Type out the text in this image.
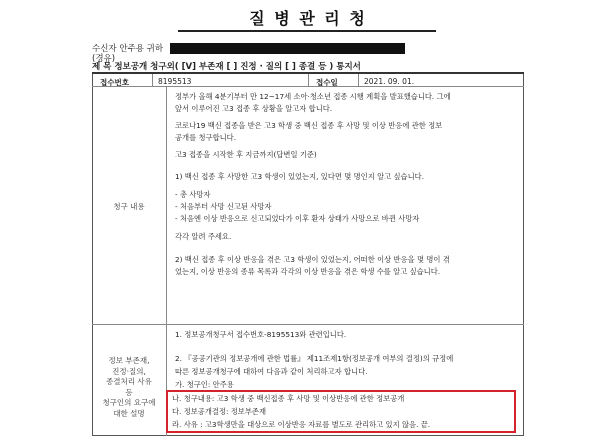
질 병 관 리 청
수신자 안주용 귀하
(경유)
제 목 정보공개 청구외( [V] 부존재 [ ] 진정 · 질의 [ ] 종결 등 ) 통지서
접수번호	8195513	접수일	2021. 09. 01.
청구 내용
정부가 올해 4분기부터 만 12~17세 소아·청소년 접종 시행 계획을 발표했습니다. 그에
앞서 이루어진 고3 접종 후 상황을 알고자 합니다.
코로나19 백신 접종을 받은 고3 학생 중 백신 접종 후 사망 및 이상 반응에 관한 정보
공개를 청구합니다.
고3 접종을 시작한 후 지금까지(답변일 기준)
1) 백신 접종 후 사망한 고3 학생이 있었는지, 있다면 몇 명인지 알고 싶습니다.
- 총 사망자
- 처음부터 사망 신고된 사망자
- 처음엔 이상 반응으로 신고되었다가 이후 환자 상태가 사망으로 바뀐 사망자
각각 알려 주세요.
2) 백신 접종 후 이상 반응을 겪은 고3 학생이 있었는지, 어떠한 이상 반응을 몇 명이 겪
었는지, 이상 반응의 종류 목록과 각각의 이상 반응을 겪은 학생 수를 알고 싶습니다.
정보 부존재,
진정·질의,
종결처리 사유
등
청구인의 요구에
대한 설명
1. 정보공개청구서 접수번호-8195513와 관련입니다.
2. 『공공기관의 정보공개에 관한 법률』 제11조제1항(정보공개 여부의 결정)의 규정에
따른 정보공개청구에 대하여 다음과 같이 처리하고자 합니다.
가. 청구인: 안주용
나. 청구내용: 고3 학생 중 백신접종 후 사망 및 이상반응에 관한 정보공개
다. 정보공개결정: 정보부존재
라. 사유 : 고3학생만을 대상으로 이상반응 자료를 별도로 관리하고 있지 않음. 끝.
